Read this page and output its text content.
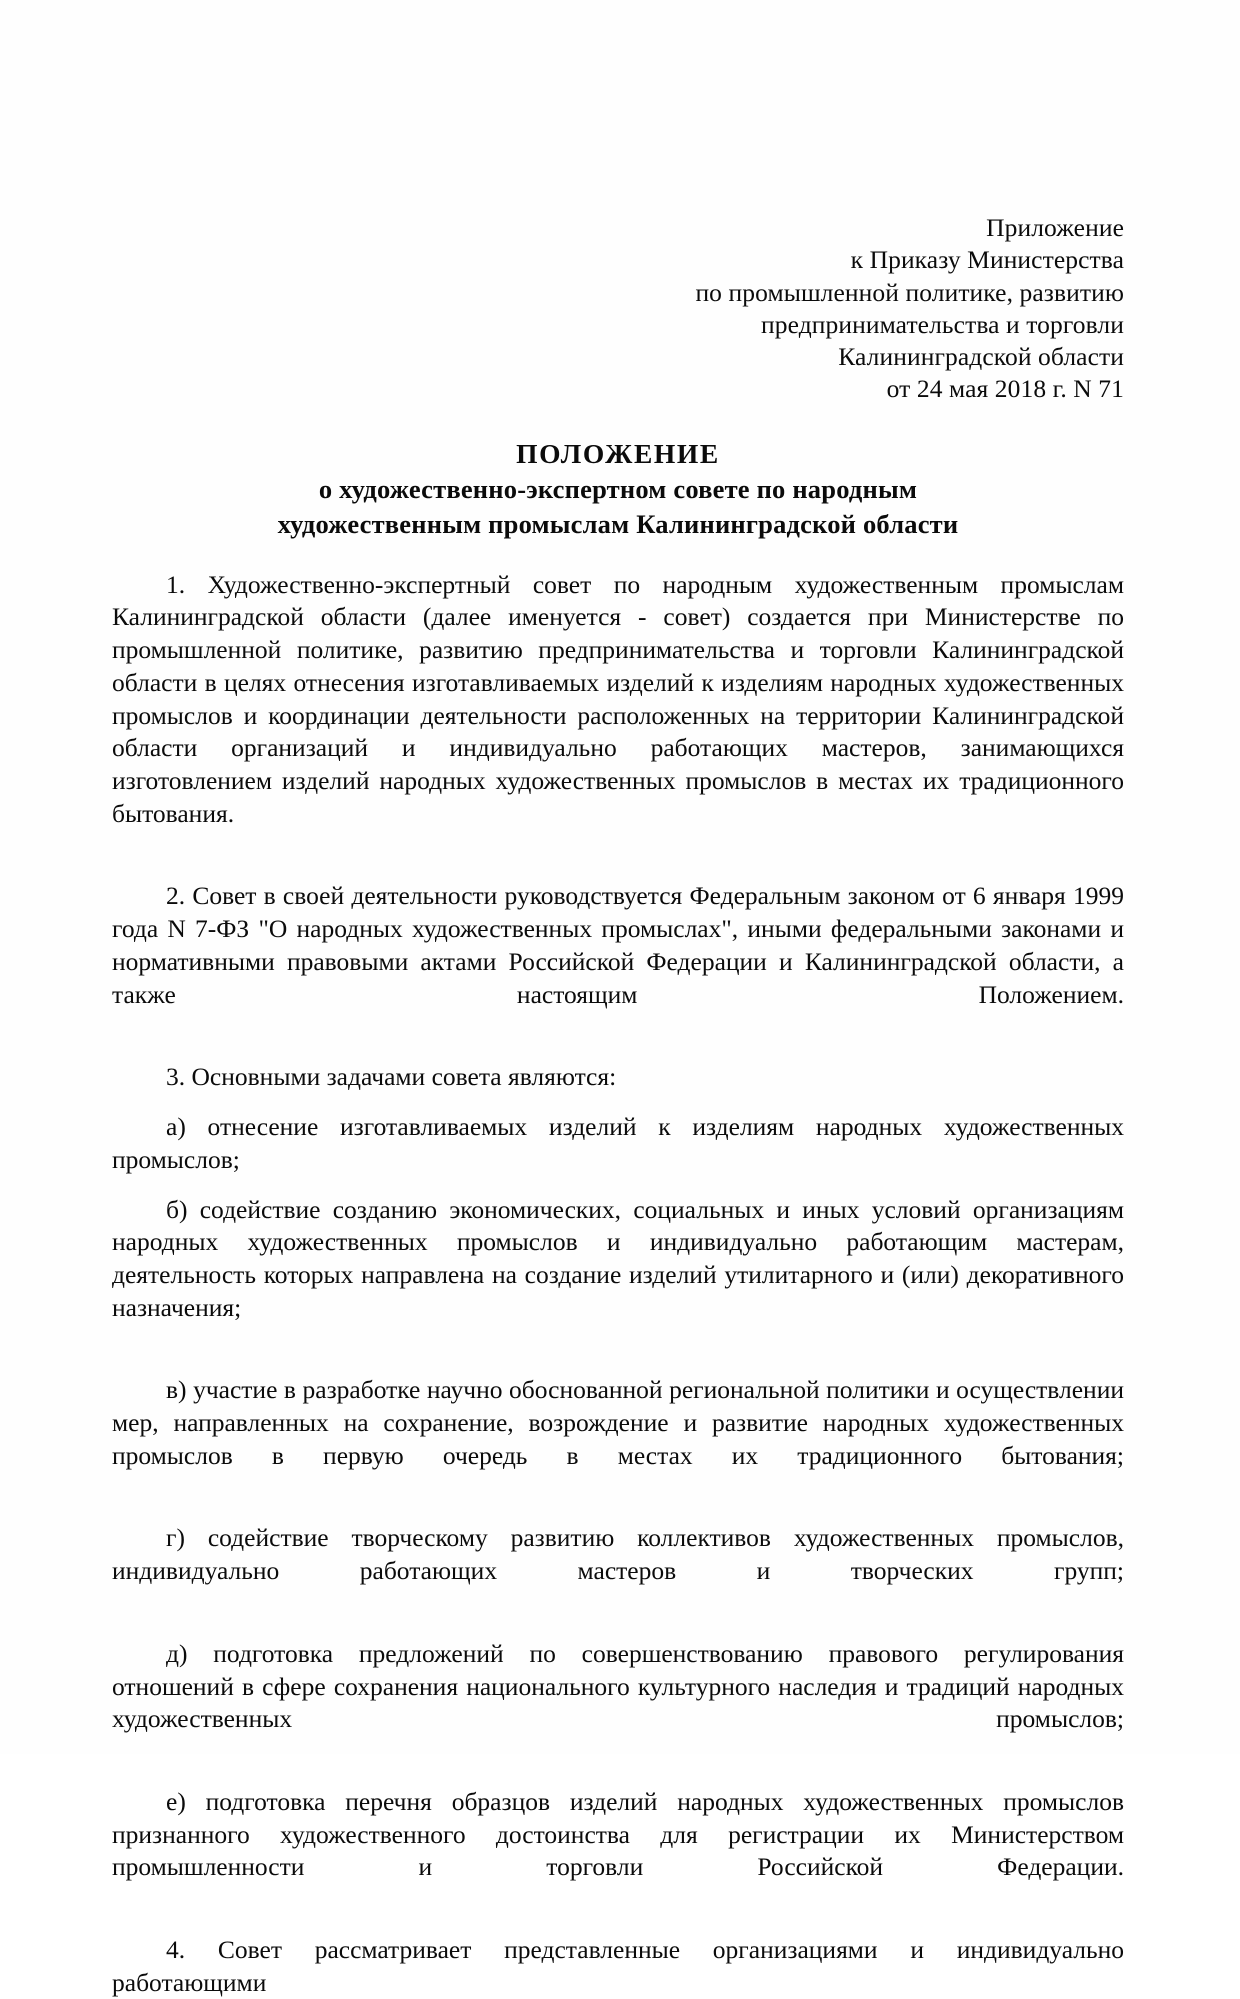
Приложение
к Приказу Министерства
по промышленной политике, развитию
предпринимательства и торговли
Калининградской области
от 24 мая 2018 г. N 71
ПОЛОЖЕНИЕ
о художественно-экспертном совете по народным
художественным промыслам Калининградской области

1. Художественно-экспертный совет по народным художественным промыслам Калининградской области (далее именуется - совет) создается при Министерстве по промышленной политике, развитию предпринимательства и торговли Калининградской области в целях отнесения изготавливаемых изделий к изделиям народных художественных промыслов и координации деятельности расположенных на территории Калининградской области организаций и индивидуально работающих мастеров, занимающихся изготовлением изделий народных художественных промыслов в местах их традиционного бытования.

2. Совет в своей деятельности руководствуется Федеральным законом от 6 января 1999 года N 7-ФЗ "О народных художественных промыслах", иными федеральными законами и нормативными правовыми актами Российской Федерации и Калининградской области, а также настоящим Положением.

3. Основными задачами совета являются:

а) отнесение изготавливаемых изделий к изделиям народных художественных промыслов;

б) содействие созданию экономических, социальных и иных условий организациям народных художественных промыслов и индивидуально работающим мастерам, деятельность которых направлена на создание изделий утилитарного и (или) декоративного назначения;

в) участие в разработке научно обоснованной региональной политики и осуществлении мер, направленных на сохранение, возрождение и развитие народных художественных промыслов в первую очередь в местах их традиционного бытования;

г) содействие творческому развитию коллективов художественных промыслов, индивидуально работающих мастеров и творческих групп;

д) подготовка предложений по совершенствованию правового регулирования отношений в сфере сохранения национального культурного наследия и традиций народных художественных промыслов;

е) подготовка перечня образцов изделий народных художественных промыслов признанного художественного достоинства для регистрации их Министерством промышленности и торговли Российской Федерации.

4. Совет рассматривает представленные организациями и индивидуально работающими
